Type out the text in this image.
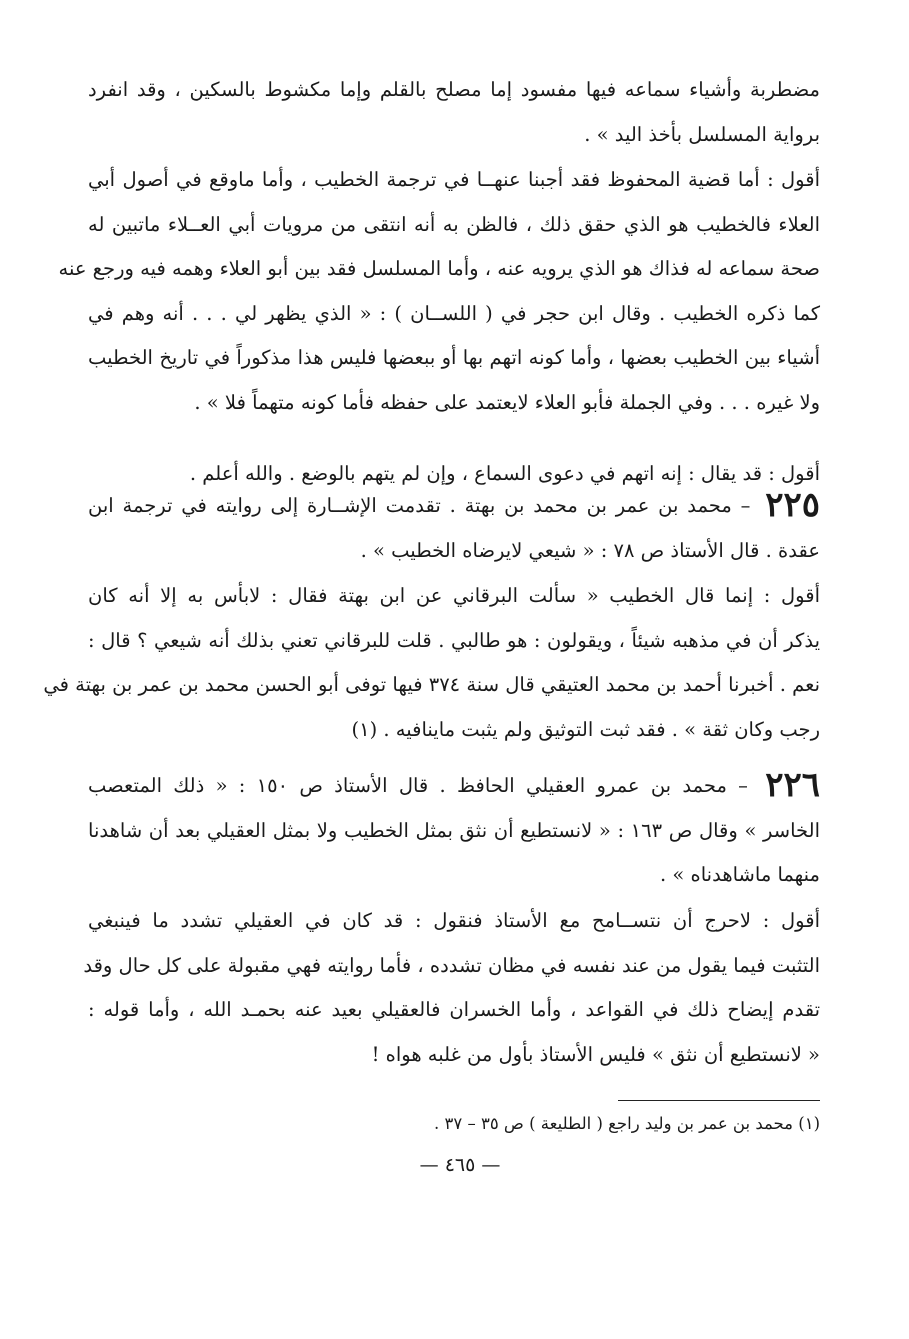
مضطربة وأشياء سماعه فيها مفسود إما مصلح بالقلم وإما مكشوط بالسكين ، وقد انفرد
برواية المسلسل بأخذ اليد » .
أقول : أما قضية المحفوظ فقد أجبنا عنهــا في ترجمة الخطيب ، وأما ماوقع في أصول أبي
العلاء فالخطيب هو الذي حقق ذلك ، فالظن به أنه انتقى من مرويات أبي العــلاء ماتبين له
صحة سماعه له فذاك هو الذي يرويه عنه ، وأما المسلسل فقد بين أبو العلاء وهمه فيه ورجع عنه
كما ذكره الخطيب . وقال ابن حجر في ( اللســان ) : « الذي يظهر لي . . . أنه وهم في
أشياء بين الخطيب بعضها ، وأما كونه اتهم بها أو ببعضها فليس هذا مذكوراً في تاريخ الخطيب
ولا غيره . . . وفي الجملة فأبو العلاء لايعتمد على حفظه فأما كونه متهماً فلا » .
أقول : قد يقال : إنه اتهم في دعوى السماع ، وإن لم يتهم بالوضع . والله أعلم .
٢٢٥ – محمد بن عمر بن محمد بن بهتة . تقدمت الإشــارة إلى روايته في ترجمة ابن
عقدة . قال الأستاذ ص ٧٨ : « شيعي لايرضاه الخطيب » .
أقول : إنما قال الخطيب « سألت البرقاني عن ابن بهتة فقال : لابأس به إلا أنه كان
يذكر أن في مذهبه شيئاً ، ويقولون : هو طالبي . قلت للبرقاني تعني بذلك أنه شيعي ؟ قال :
نعم . أخبرنا أحمد بن محمد العتيقي قال سنة ٣٧٤ فيها توفى أبو الحسن محمد بن عمر بن بهتة في
رجب وكان ثقة » . فقد ثبت التوثيق ولم يثبت ماينافيه . (١)
٢٢٦ – محمد بن عمرو العقيلي الحافظ . قال الأستاذ ص ١٥٠ : « ذلك المتعصب
الخاسر » وقال ص ١٦٣ : « لانستطيع أن نثق بمثل الخطيب ولا بمثل العقيلي بعد أن شاهدنا
منهما ماشاهدناه » .
أقول : لاحرج أن نتســامح مع الأستاذ فنقول : قد كان في العقيلي تشدد ما فينبغي
التثبت فيما يقول من عند نفسه في مظان تشدده ، فأما روايته فهي مقبولة على كل حال وقد
تقدم إيضاح ذلك في القواعد ، وأما الخسران فالعقيلي بعيد عنه بحمـد الله ، وأما قوله :
« لانستطيع أن نثق » فليس الأستاذ بأول من غلبه هواه !
(١) محمد بن عمر بن وليد راجع ( الطليعة ) ص ٣٥ – ٣٧ .
— ٤٦٥ —
